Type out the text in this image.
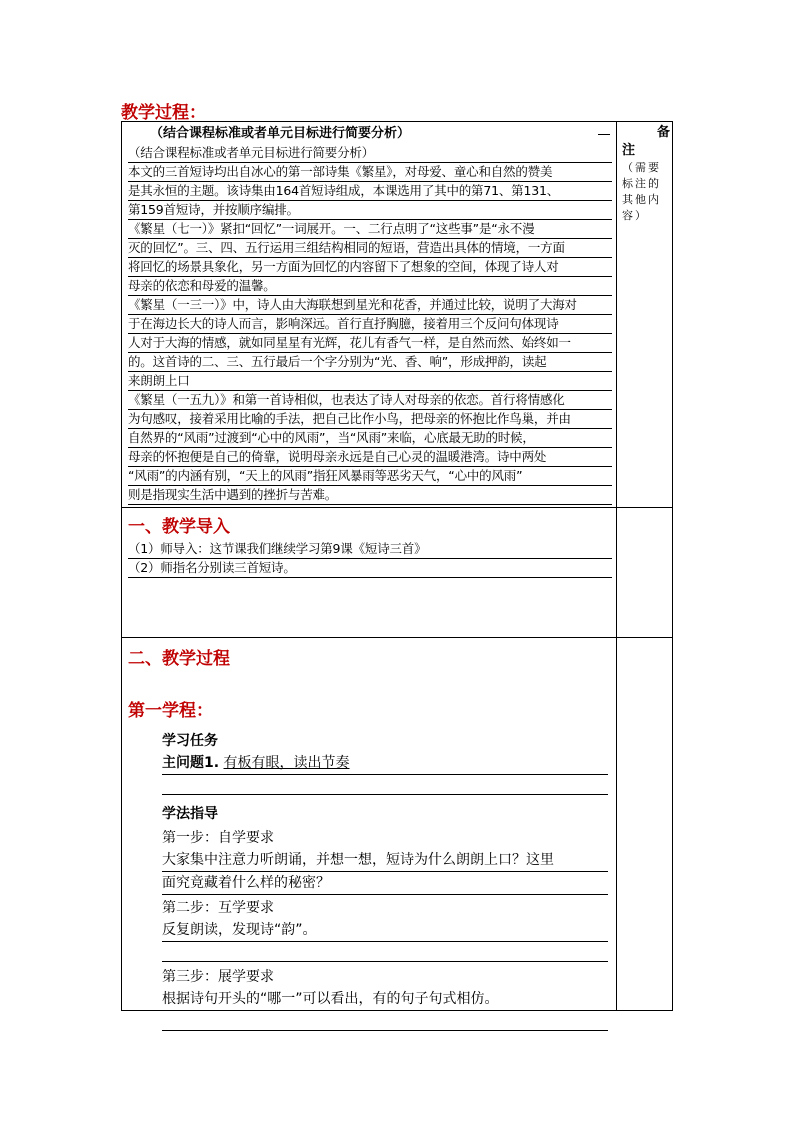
教学过程：
（结合课程标准或者单元目标进行简要分析）
（结合课程标准或者单元目标进行简要分析）
本文的三首短诗均出自冰心的第一部诗集《繁星》，对母爱、童心和自然的赞美
是其永恒的主题。该诗集由164首短诗组成，本课选用了其中的第71、第131、
第159首短诗，并按顺序编排。
《繁星（七一）》紧扣“回忆”一词展开。一、二行点明了“这些事”是“永不漫
灭的回忆”。三、四、五行运用三组结构相同的短语，营造出具体的情境，一方面
将回忆的场景具象化，另一方面为回忆的内容留下了想象的空间，体现了诗人对
母亲的依恋和母爱的温馨。
《繁星（一三一）》中，诗人由大海联想到星光和花香，并通过比较，说明了大海对
于在海边长大的诗人而言，影响深远。首行直抒胸臆，接着用三个反问句体现诗
人对于大海的情感，就如同星星有光辉，花儿有香气一样，是自然而然、始终如一
的。这首诗的二、三、五行最后一个字分别为“光、香、响”，形成押韵，读起
来朗朗上口
《繁星（一五九）》和第一首诗相似，也表达了诗人对母亲的依恋。首行将情感化
为句感叹，接着采用比喻的手法，把自己比作小鸟，把母亲的怀抱比作鸟巢，并由
自然界的“风雨”过渡到“心中的风雨”，当“风雨”来临，心底最无助的时候，
母亲的怀抱便是自己的倚靠，说明母亲永远是自己心灵的温暖港湾。诗中两处
“风雨”的内涵有别，“天上的风雨”指狂风暴雨等恶劣天气，“心中的风雨”
则是指现实生活中遇到的挫折与苦难。
备
注
（需要
标注的
其他内
容）
一、教学导入
（1）师导入：这节课我们继续学习第9课《短诗三首》
（2）师指名分别读三首短诗。
二、教学过程
第一学程：
学习任务
主问题1. 有板有眼，读出节奏
学法指导
第一步：自学要求
大家集中注意力听朗诵，并想一想，短诗为什么朗朗上口？这里
面究竟藏着什么样的秘密？
第二步：互学要求
反复朗读，发现诗“韵”。
第三步：展学要求
根据诗句开头的“哪一”可以看出，有的句子句式相仿。
